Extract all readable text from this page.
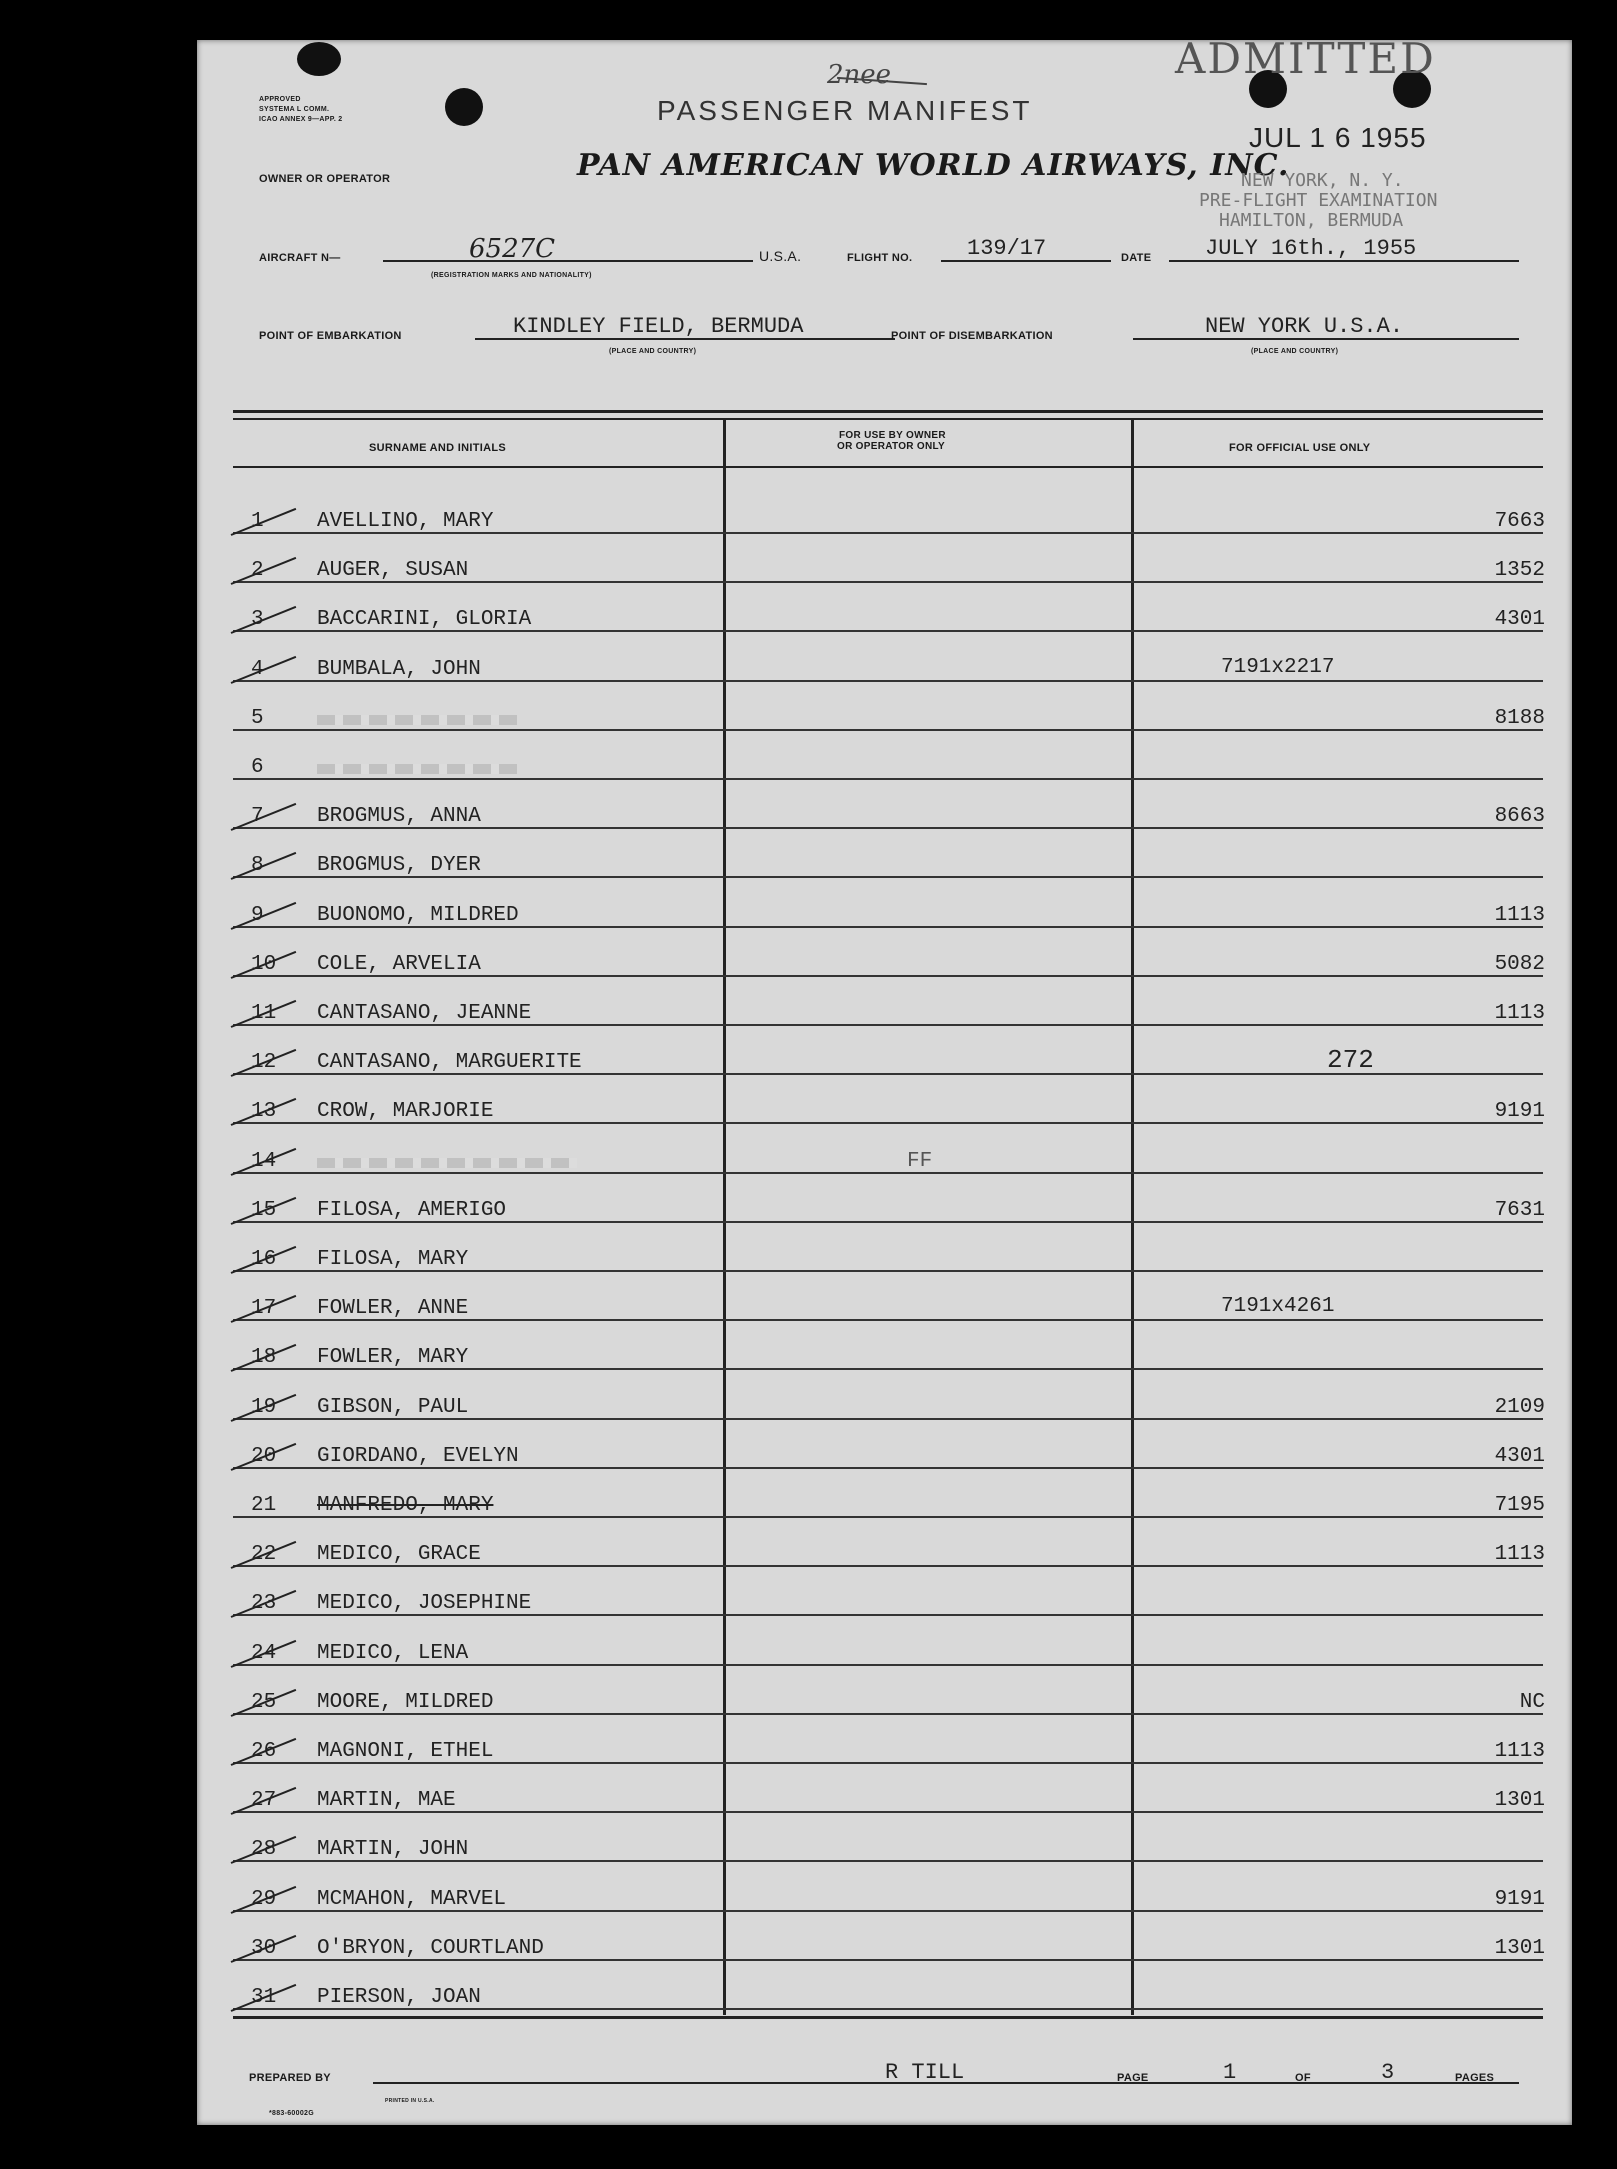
APPROVED
SYSTEMA L COMM.
ICAO ANNEX 9—APP. 2
OWNER OR OPERATOR
2nee
PASSENGER MANIFEST
PAN AMERICAN WORLD AIRWAYS, INC.
ADMITTED
JUL 1 6 1955
NEW YORK, N. Y.
PRE-FLIGHT EXAMINATION
HAMILTON, BERMUDA
AIRCRAFT N—	6527C
(REGISTRATION MARKS AND NATIONALITY)
U.S.A.	FLIGHT NO. 139/17	DATE JULY 16th., 1955
POINT OF EMBARKATION	KINDLEY FIELD, BERMUDA
(PLACE AND COUNTRY)
POINT OF DISEMBARKATION	NEW YORK U.S.A.
(PLACE AND COUNTRY)
SURNAME AND INITIALS
FOR USE BY OWNER
OR OPERATOR ONLY	FOR OFFICIAL USE ONLY
1	AVELLINO, MARY	7663
2	AUGER, SUSAN	1352
3	BACCARINI, GLORIA	4301
4	BUMBALA, JOHN	7191x2217
5	8188
6
7	BROGMUS, ANNA	8663
8	BROGMUS, DYER
9	BUONOMO, MILDRED	1113
10	COLE, ARVELIA	5082
11	CANTASANO, JEANNE	1113
12	CANTASANO, MARGUERITE	272
13	CROW, MARJORIE	9191
14	FF
15	FILOSA, AMERIGO	7631
16	FILOSA, MARY
17	FOWLER, ANNE	7191x4261
18	FOWLER, MARY
19	GIBSON, PAUL	2109
20	GIORDANO, EVELYN	4301
21	MANFREDO, MARY	7195
22	MEDICO, GRACE	1113
23	MEDICO, JOSEPHINE
24	MEDICO, LENA
25	MOORE, MILDRED	NC
26	MAGNONI, ETHEL	1113
27	MARTIN, MAE	1301
28	MARTIN, JOHN
29	MCMAHON, MARVEL	9191
30	O'BRYON, COURTLAND	1301
31	PIERSON, JOAN
PREPARED BY	R TILL	PAGE	1	OF	3	PAGES
*883-60002G
PRINTED IN U.S.A.
